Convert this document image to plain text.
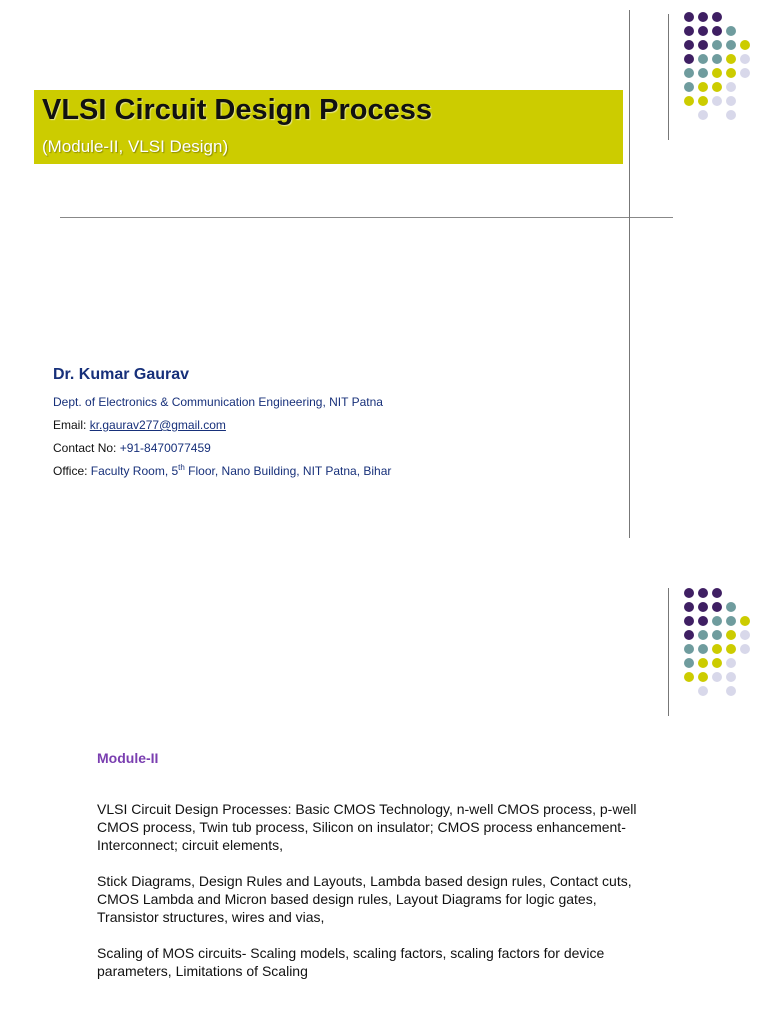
VLSI Circuit Design Process

(Module-II, VLSI Design)

Dr. Kumar Gaurav
Dept. of Electronics & Communication Engineering, NIT Patna
Email: kr.gaurav277@gmail.com
Contact No: +91-8470077459
Office: Faculty Room, 5th Floor, Nano Building, NIT Patna, Bihar
Module-II

VLSI Circuit Design Processes: Basic CMOS Technology, n-well CMOS process, p-well CMOS process, Twin tub process, Silicon on insulator; CMOS process enhancement-Interconnect; circuit elements,

Stick Diagrams, Design Rules and Layouts, Lambda based design rules, Contact cuts, CMOS Lambda and Micron based design rules, Layout Diagrams for logic gates, Transistor structures, wires and vias,

Scaling of MOS circuits- Scaling models, scaling factors, scaling factors for device parameters, Limitations of Scaling
